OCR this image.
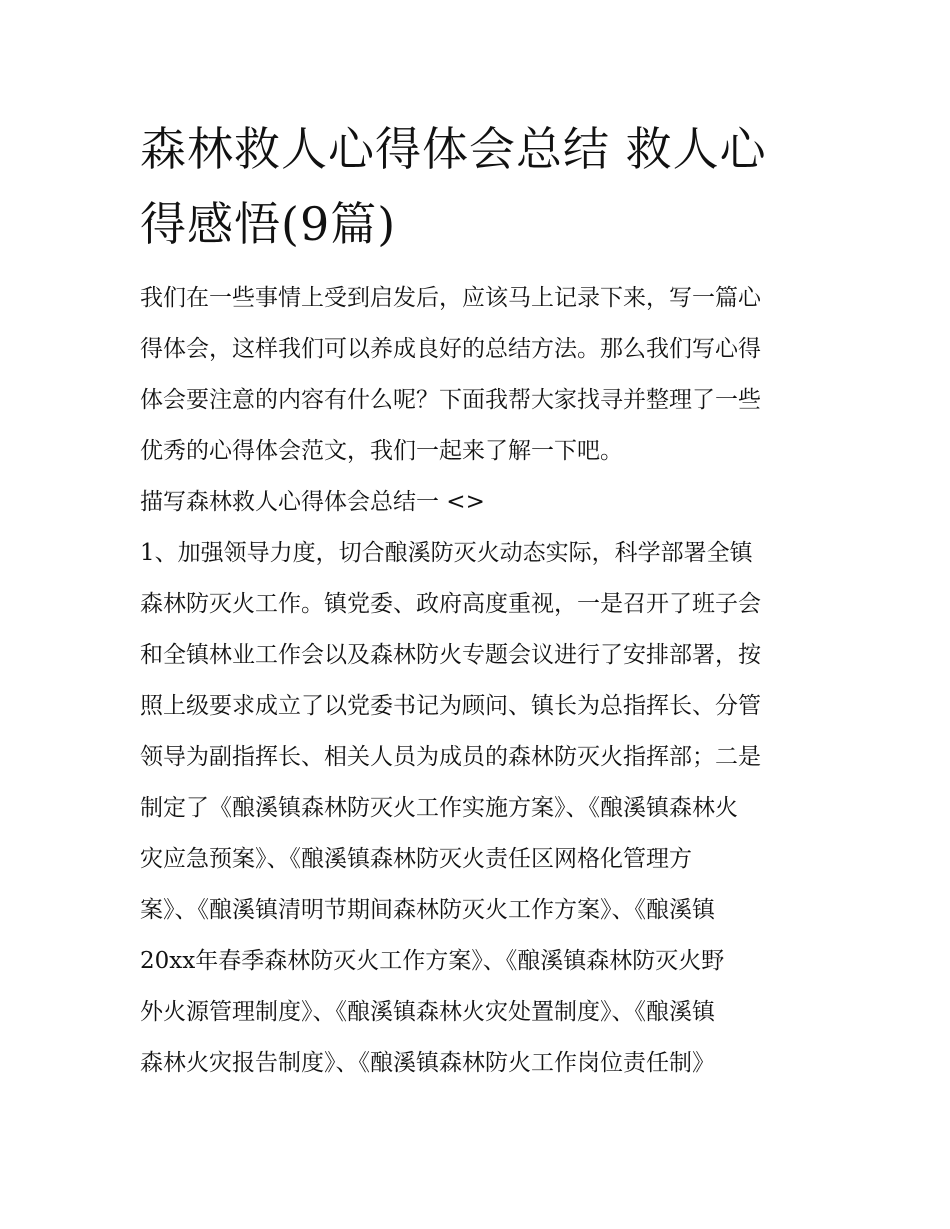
森林救人心得体会总结 救人心
得感悟(9篇)
我们在一些事情上受到启发后，应该马上记录下来，写一篇心
得体会，这样我们可以养成良好的总结方法。那么我们写心得
体会要注意的内容有什么呢？下面我帮大家找寻并整理了一些
优秀的心得体会范文，我们一起来了解一下吧。
描写森林救人心得体会总结一 <>
1、加强领导力度，切合酿溪防灭火动态实际，科学部署全镇
森林防灭火工作。镇党委、政府高度重视，一是召开了班子会
和全镇林业工作会以及森林防火专题会议进行了安排部署，按
照上级要求成立了以党委书记为顾问、镇长为总指挥长、分管
领导为副指挥长、相关人员为成员的森林防灭火指挥部；二是
制定了《酿溪镇森林防灭火工作实施方案》、《酿溪镇森林火
灾应急预案》、《酿溪镇森林防灭火责任区网格化管理方
案》、《酿溪镇清明节期间森林防灭火工作方案》、《酿溪镇
20xx年春季森林防灭火工作方案》、《酿溪镇森林防灭火野
外火源管理制度》、《酿溪镇森林火灾处置制度》、《酿溪镇
森林火灾报告制度》、《酿溪镇森林防火工作岗位责任制》
